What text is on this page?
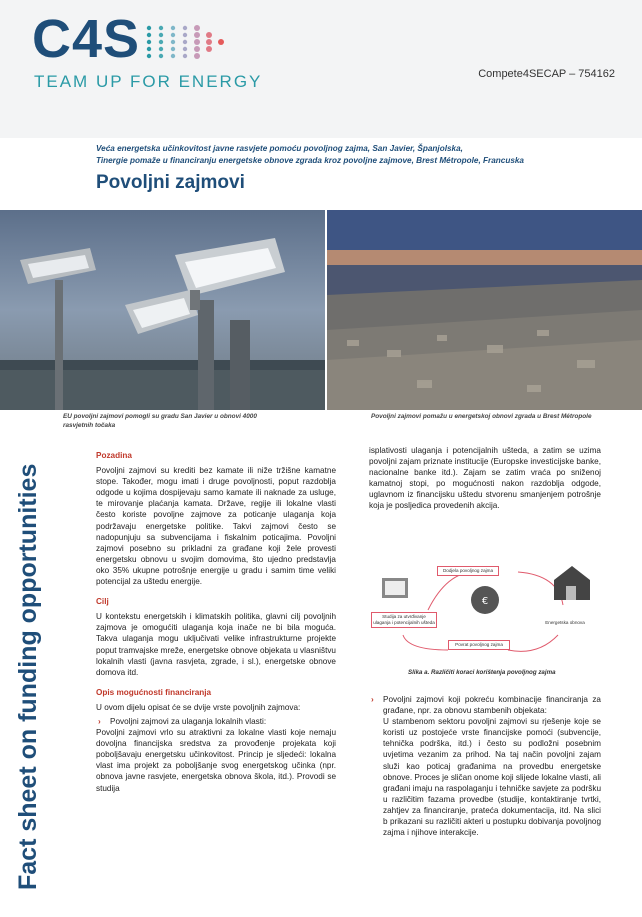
C4S
TEAM UP FOR ENERGY	Compete4SECAP – 754162
Veća energetska učinkovitost javne rasvjete pomoću povoljnog zajma, San Javier, Španjolska,
Tinergie pomaže u financiranju energetske obnove zgrada kroz povoljne zajmove, Brest Métropole, Francuska
Povoljni zajmovi
EU povoljni zajmovi pomogli su gradu San Javier u obnovi 4000 rasvjetnih točaka
Povoljni zajmovi pomažu u energetskoj obnovi zgrada u Brest Métropole
Fact sheet on funding opportunities
Pozadina
Povoljni zajmovi su krediti bez kamate ili niže tržišne kamatne stope. Također, mogu imati i druge povoljnosti, poput razdoblja odgode u kojima dospijevaju samo kamate ili naknade za usluge, te mirovanje plaćanja kamata. Države, regije ili lokalne vlasti često koriste povoljne zajmove za poticanje ulaganja koja podržavaju energetske politike. Takvi zajmovi često se nadopunjuju sa subvencijama i fiskalnim poticajima. Povoljni zajmovi posebno su prikladni za građane koji žele provesti energetsku obnovu u svojim domovima, što ujedno predstavlja oko 35% ukupne potrošnje energije u gradu i samim time veliki potencijal za uštedu energije.
Cilj
U kontekstu energetskih i klimatskih politika, glavni cilj povoljnih zajmova je omogućiti ulaganja koja inače ne bi bila moguća. Takva ulaganja mogu uključivati velike infrastrukturne projekte poput tramvajske mreže, energetske obnove objekata u vlasništvu lokalnih vlasti (javna rasvjeta, zgrade, i sl.), energetske obnove domova itd.
Opis mogućnosti financiranja
U ovom dijelu opisat će se dvije vrste povoljnih zajmova:
› Povoljni zajmovi za ulaganja lokalnih vlasti:
Povoljni zajmovi vrlo su atraktivni za lokalne vlasti koje nemaju dovoljna financijska sredstva za provođenje projekata koji poboljšavaju energetsku učinkovitost. Princip je sljedeći: lokalna vlast ima projekt za poboljšanje svog energetskog učinka (npr. obnova javne rasvjete, energetska obnova škola, itd.). Provodi se studija
isplativosti ulaganja i potencijalnih ušteda, a zatim se uzima povoljni zajam priznate institucije (Europske investicijske banke, nacionalne banke itd.). Zajam se zatim vraća po sniženoj kamatnoj stopi, po mogućnosti nakon razdoblja odgode, uglavnom iz financijsku uštedu stvorenu smanjenjem potrošnje koja je posljedica provedenih akcija.
€
Dodjela povoljnog zajma
Studija za utvrđivanje ulaganja i potencijalnih ušteda	Energetska obnova
Povrat povoljnog zajma
Slika a. Različiti koraci korištenja povoljnog zajma
› Povoljni zajmovi koji pokreću kombinacije financiranja za građane, npr. za obnovu stambenih objekata:
U stambenom sektoru povoljni zajmovi su rješenje koje se koristi uz postojeće vrste financijske pomoći (subvencije, tehnička podrška, itd.) i često su podložni posebnim uvjetima vezanim za prihod. Na taj način povoljni zajam služi kao poticaj građanima na provedbu energetske obnove. Proces je sličan onome koji slijede lokalne vlasti, ali građani imaju na raspolaganju i tehničke savjete za podršku u različitim fazama provedbe (studije, kontaktiranje tvrtki, zahtjev za financiranje, prateća dokumentacija, itd. Na slici b prikazani su različiti akteri u postupku dobivanja povoljnog zajma i njihove interakcije.
